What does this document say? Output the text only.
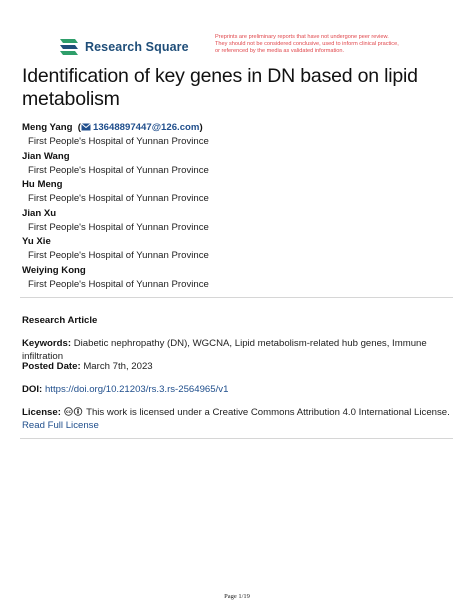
Research Square
Preprints are preliminary reports that have not undergone peer review.
They should not be considered conclusive, used to inform clinical practice,
or referenced by the media as validated information.
Identification of key genes in DN based on lipid metabolism
Meng Yang  ( 13648897447@126.com)
First People's Hospital of Yunnan Province
Jian Wang
First People's Hospital of Yunnan Province
Hu Meng
First People's Hospital of Yunnan Province
Jian Xu
First People's Hospital of Yunnan Province
Yu Xie
First People's Hospital of Yunnan Province
Weiying Kong
First People's Hospital of Yunnan Province
Research Article
Keywords: Diabetic nephropathy (DN), WGCNA, Lipid metabolism-related hub genes, Immune infiltration
Posted Date: March 7th, 2023
DOI: https://doi.org/10.21203/rs.3.rs-2564965/v1
License: cc This work is licensed under a Creative Commons Attribution 4.0 International License.
Read Full License
Page 1/19
